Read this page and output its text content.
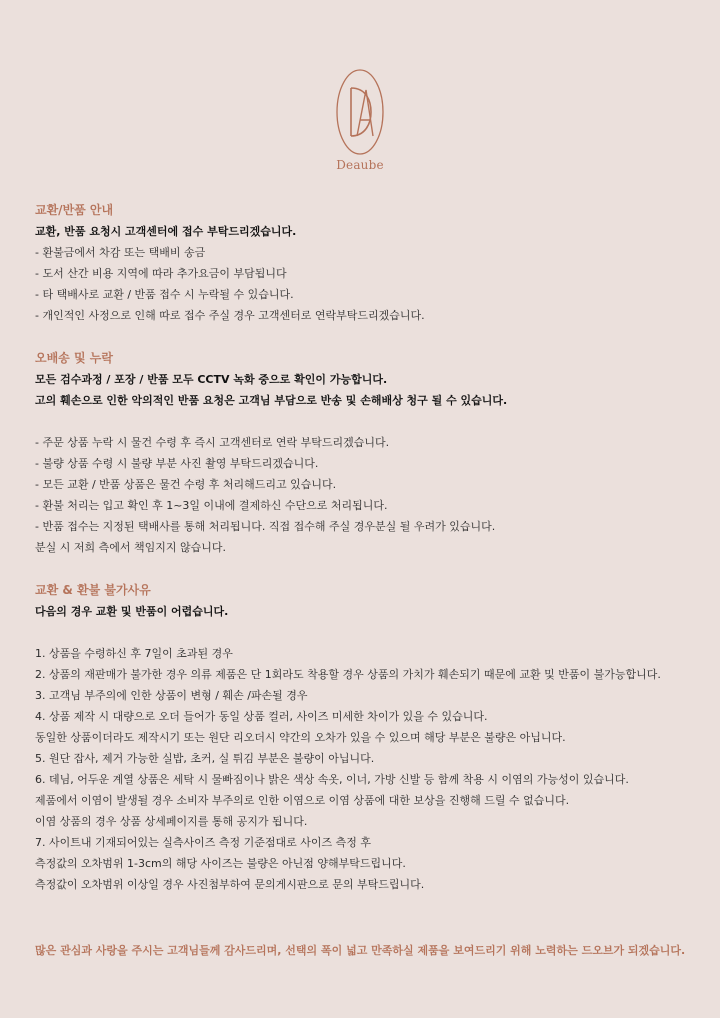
Deaube
교환/반품 안내
교환, 반품 요청시 고객센터에 접수 부탁드리겠습니다.
- 환불금에서 차감 또는 택배비 송금
- 도서 산간 비용 지역에 따라 추가요금이 부담됩니다
- 타 택배사로 교환 / 반품 접수 시 누락될 수 있습니다.
- 개인적인 사정으로 인해 따로 접수 주실 경우 고객센터로 연락부탁드리겠습니다.
오배송 및 누락
모든 검수과정 / 포장 / 반품 모두 CCTV 녹화 중으로 확인이 가능합니다.
고의 훼손으로 인한 악의적인 반품 요청은 고객님 부담으로 반송 및 손해배상 청구 될 수 있습니다.
- 주문 상품 누락 시 물건 수령 후 즉시 고객센터로 연락 부탁드리겠습니다.
- 불량 상품 수령 시 불량 부분 사진 촬영 부탁드리겠습니다.
- 모든 교환 / 반품 상품은 물건 수령 후 처리해드리고 있습니다.
- 환불 처리는 입고 확인 후 1~3일 이내에 결제하신 수단으로 처리됩니다.
- 반품 접수는 지정된 택배사를 통해 처리됩니다. 직접 접수해 주실 경우분실 될 우려가 있습니다.
분실 시 저희 측에서 책임지지 않습니다.
교환 & 환불 불가사유
다음의 경우 교환 및 반품이 어렵습니다.
1. 상품을 수령하신 후 7일이 초과된 경우
2. 상품의 재판매가 불가한 경우 의류 제품은 단 1회라도 착용할 경우 상품의 가치가 훼손되기 때문에 교환 및 반품이 불가능합니다.
3. 고객님 부주의에 인한 상품이 변형 / 훼손 /파손될 경우
4. 상품 제작 시 대량으로 오더 들어가 동일 상품 컬러, 사이즈 미세한 차이가 있을 수 있습니다.
동일한 상품이더라도 제작시기 또는 원단 리오더시 약간의 오차가 있을 수 있으며 해당 부분은 불량은 아닙니다.
5. 원단 잡사, 제거 가능한 실밥, 초커, 실 튀김 부분은 불량이 아닙니다.
6. 데님, 어두운 계열 상품은 세탁 시 물빠짐이나 밝은 색상 속옷, 이너, 가방 신발 등 함께 착용 시 이염의 가능성이 있습니다.
제품에서 이염이 발생될 경우 소비자 부주의로 인한 이염으로 이염 상품에 대한 보상을 진행해 드릴 수 없습니다.
이염 상품의 경우 상품 상세페이지를 통해 공지가 됩니다.
7. 사이트내 기재되어있는 실측사이즈 측정 기준점대로 사이즈 측정 후
측정값의 오차범위 1-3cm의 해당 사이즈는 불량은 아닌점 양해부탁드립니다.
측정값이 오차범위 이상일 경우 사진첨부하여 문의게시판으로 문의 부탁드립니다.
많은 관심과 사랑을 주시는 고객님들께 감사드리며, 선택의 폭이 넓고 만족하실 제품을 보여드리기 위해 노력하는 드오브가 되겠습니다.
